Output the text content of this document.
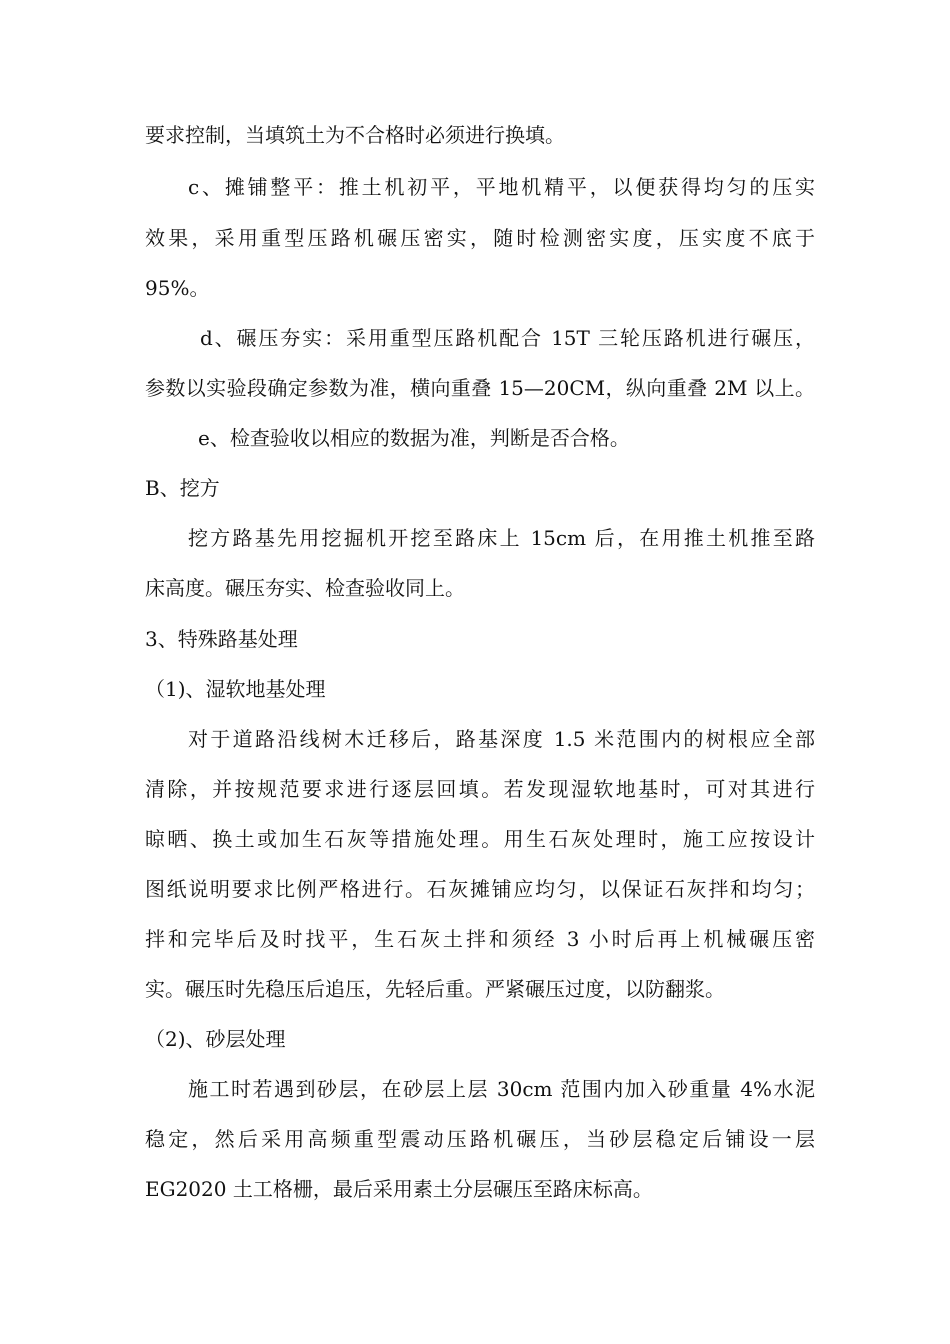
要求控制，当填筑土为不合格时必须进行换填。
c、摊铺整平：推土机初平，平地机精平，以便获得均匀的压实
效果，采用重型压路机碾压密实，随时检测密实度，压实度不底于
95%。
d、碾压夯实：采用重型压路机配合 15T 三轮压路机进行碾压，
参数以实验段确定参数为准，横向重叠 15—20CM，纵向重叠 2M 以上。
e、检查验收以相应的数据为准，判断是否合格。
B、挖方
挖方路基先用挖掘机开挖至路床上 15cm 后，在用推土机推至路
床高度。碾压夯实、检查验收同上。
3、特殊路基处理
（1)、湿软地基处理
对于道路沿线树木迁移后，路基深度 1.5 米范围内的树根应全部
清除，并按规范要求进行逐层回填。若发现湿软地基时，可对其进行
晾晒、换土或加生石灰等措施处理。用生石灰处理时，施工应按设计
图纸说明要求比例严格进行。石灰摊铺应均匀，以保证石灰拌和均匀；
拌和完毕后及时找平，生石灰土拌和须经 3 小时后再上机械碾压密
实。碾压时先稳压后追压，先轻后重。严紧碾压过度，以防翻浆。
（2)、砂层处理
施工时若遇到砂层，在砂层上层 30cm 范围内加入砂重量 4%水泥
稳定，然后采用高频重型震动压路机碾压，当砂层稳定后铺设一层
EG2020 土工格栅，最后采用素土分层碾压至路床标高。
